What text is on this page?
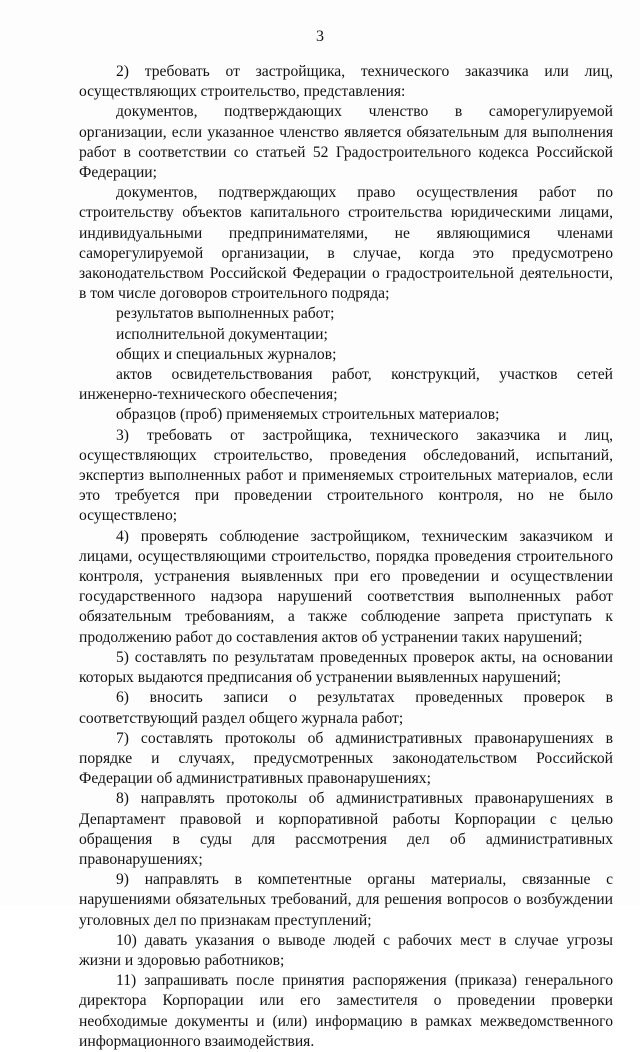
3

2) требовать от застройщика, технического заказчика или лиц, осуществляющих строительство, представления:

документов, подтверждающих членство в саморегулируемой организации, если указанное членство является обязательным для выполнения работ в соответствии со статьей 52 Градостроительного кодекса Российской Федерации;

документов, подтверждающих право осуществления работ по строительству объектов капитального строительства юридическими лицами, индивидуальными предпринимателями, не являющимися членами саморегулируемой организации, в случае, когда это предусмотрено законодательством Российской Федерации о градостроительной деятельности, в том числе договоров строительного подряда;

результатов выполненных работ;

исполнительной документации;

общих и специальных журналов;

актов освидетельствования работ, конструкций, участков сетей инженерно-технического обеспечения;

образцов (проб) применяемых строительных материалов;

3) требовать от застройщика, технического заказчика и лиц, осуществляющих строительство, проведения обследований, испытаний, экспертиз выполненных работ и применяемых строительных материалов, если это требуется при проведении строительного контроля, но не было осуществлено;

4) проверять соблюдение застройщиком, техническим заказчиком и лицами, осуществляющими строительство, порядка проведения строительного контроля, устранения выявленных при его проведении и осуществлении государственного надзора нарушений соответствия выполненных работ обязательным требованиям, а также соблюдение запрета приступать к продолжению работ до составления актов об устранении таких нарушений;

5) составлять по результатам проведенных проверок акты, на основании которых выдаются предписания об устранении выявленных нарушений;

6) вносить записи о результатах проведенных проверок в соответствующий раздел общего журнала работ;

7) составлять протоколы об административных правонарушениях в порядке и случаях, предусмотренных законодательством Российской Федерации об административных правонарушениях;

8) направлять протоколы об административных правонарушениях в Департамент правовой и корпоративной работы Корпорации с целью обращения в суды для рассмотрения дел об административных правонарушениях;

9) направлять в компетентные органы материалы, связанные с нарушениями обязательных требований, для решения вопросов о возбуждении уголовных дел по признакам преступлений;

10) давать указания о выводе людей с рабочих мест в случае угрозы жизни и здоровью работников;

11) запрашивать после принятия распоряжения (приказа) генерального директора Корпорации или его заместителя о проведении проверки необходимые документы и (или) информацию в рамках межведомственного информационного взаимодействия.
